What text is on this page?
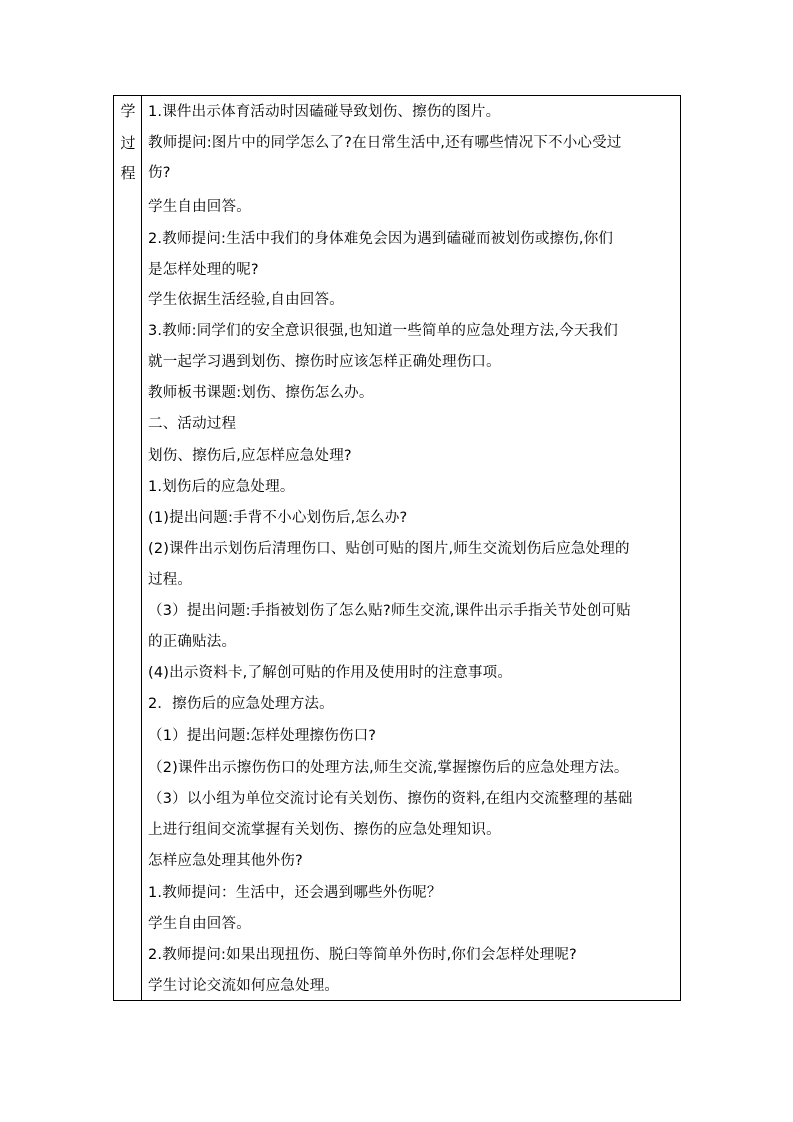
学
过
程
1.课件出示体育活动时因磕碰导致划伤、擦伤的图片。
教师提问:图片中的同学怎么了?在日常生活中,还有哪些情况下不小心受过
伤?
学生自由回答。
2.教师提问:生活中我们的身体难免会因为遇到磕碰而被划伤或擦伤,你们
是怎样处理的呢?
学生依据生活经验,自由回答。
3.教师:同学们的安全意识很强,也知道一些简单的应急处理方法,今天我们
就一起学习遇到划伤、擦伤时应该怎样正确处理伤口。
教师板书课题:划伤、擦伤怎么办。
二、活动过程
划伤、擦伤后,应怎样应急处理?
1.划伤后的应急处理。
(1)提出问题:手背不小心划伤后,怎么办?
(2)课件出示划伤后清理伤口、贴创可贴的图片,师生交流划伤后应急处理的
过程。
（3）提出问题:手指被划伤了怎么贴?师生交流,课件出示手指关节处创可贴
的正确贴法。
(4)出示资料卡,了解创可贴的作用及使用时的注意事项。
2．擦伤后的应急处理方法。
（1）提出问题:怎样处理擦伤伤口?
（2)课件出示擦伤伤口的处理方法,师生交流,掌握擦伤后的应急处理方法。
（3）以小组为单位交流讨论有关划伤、擦伤的资料,在组内交流整理的基础
上进行组间交流掌握有关划伤、擦伤的应急处理知识。
怎样应急处理其他外伤?
1.教师提问：生活中，还会遇到哪些外伤呢？
学生自由回答。
2.教师提问:如果出现扭伤、脱臼等简单外伤时,你们会怎样处理呢?
学生讨论交流如何应急处理。
